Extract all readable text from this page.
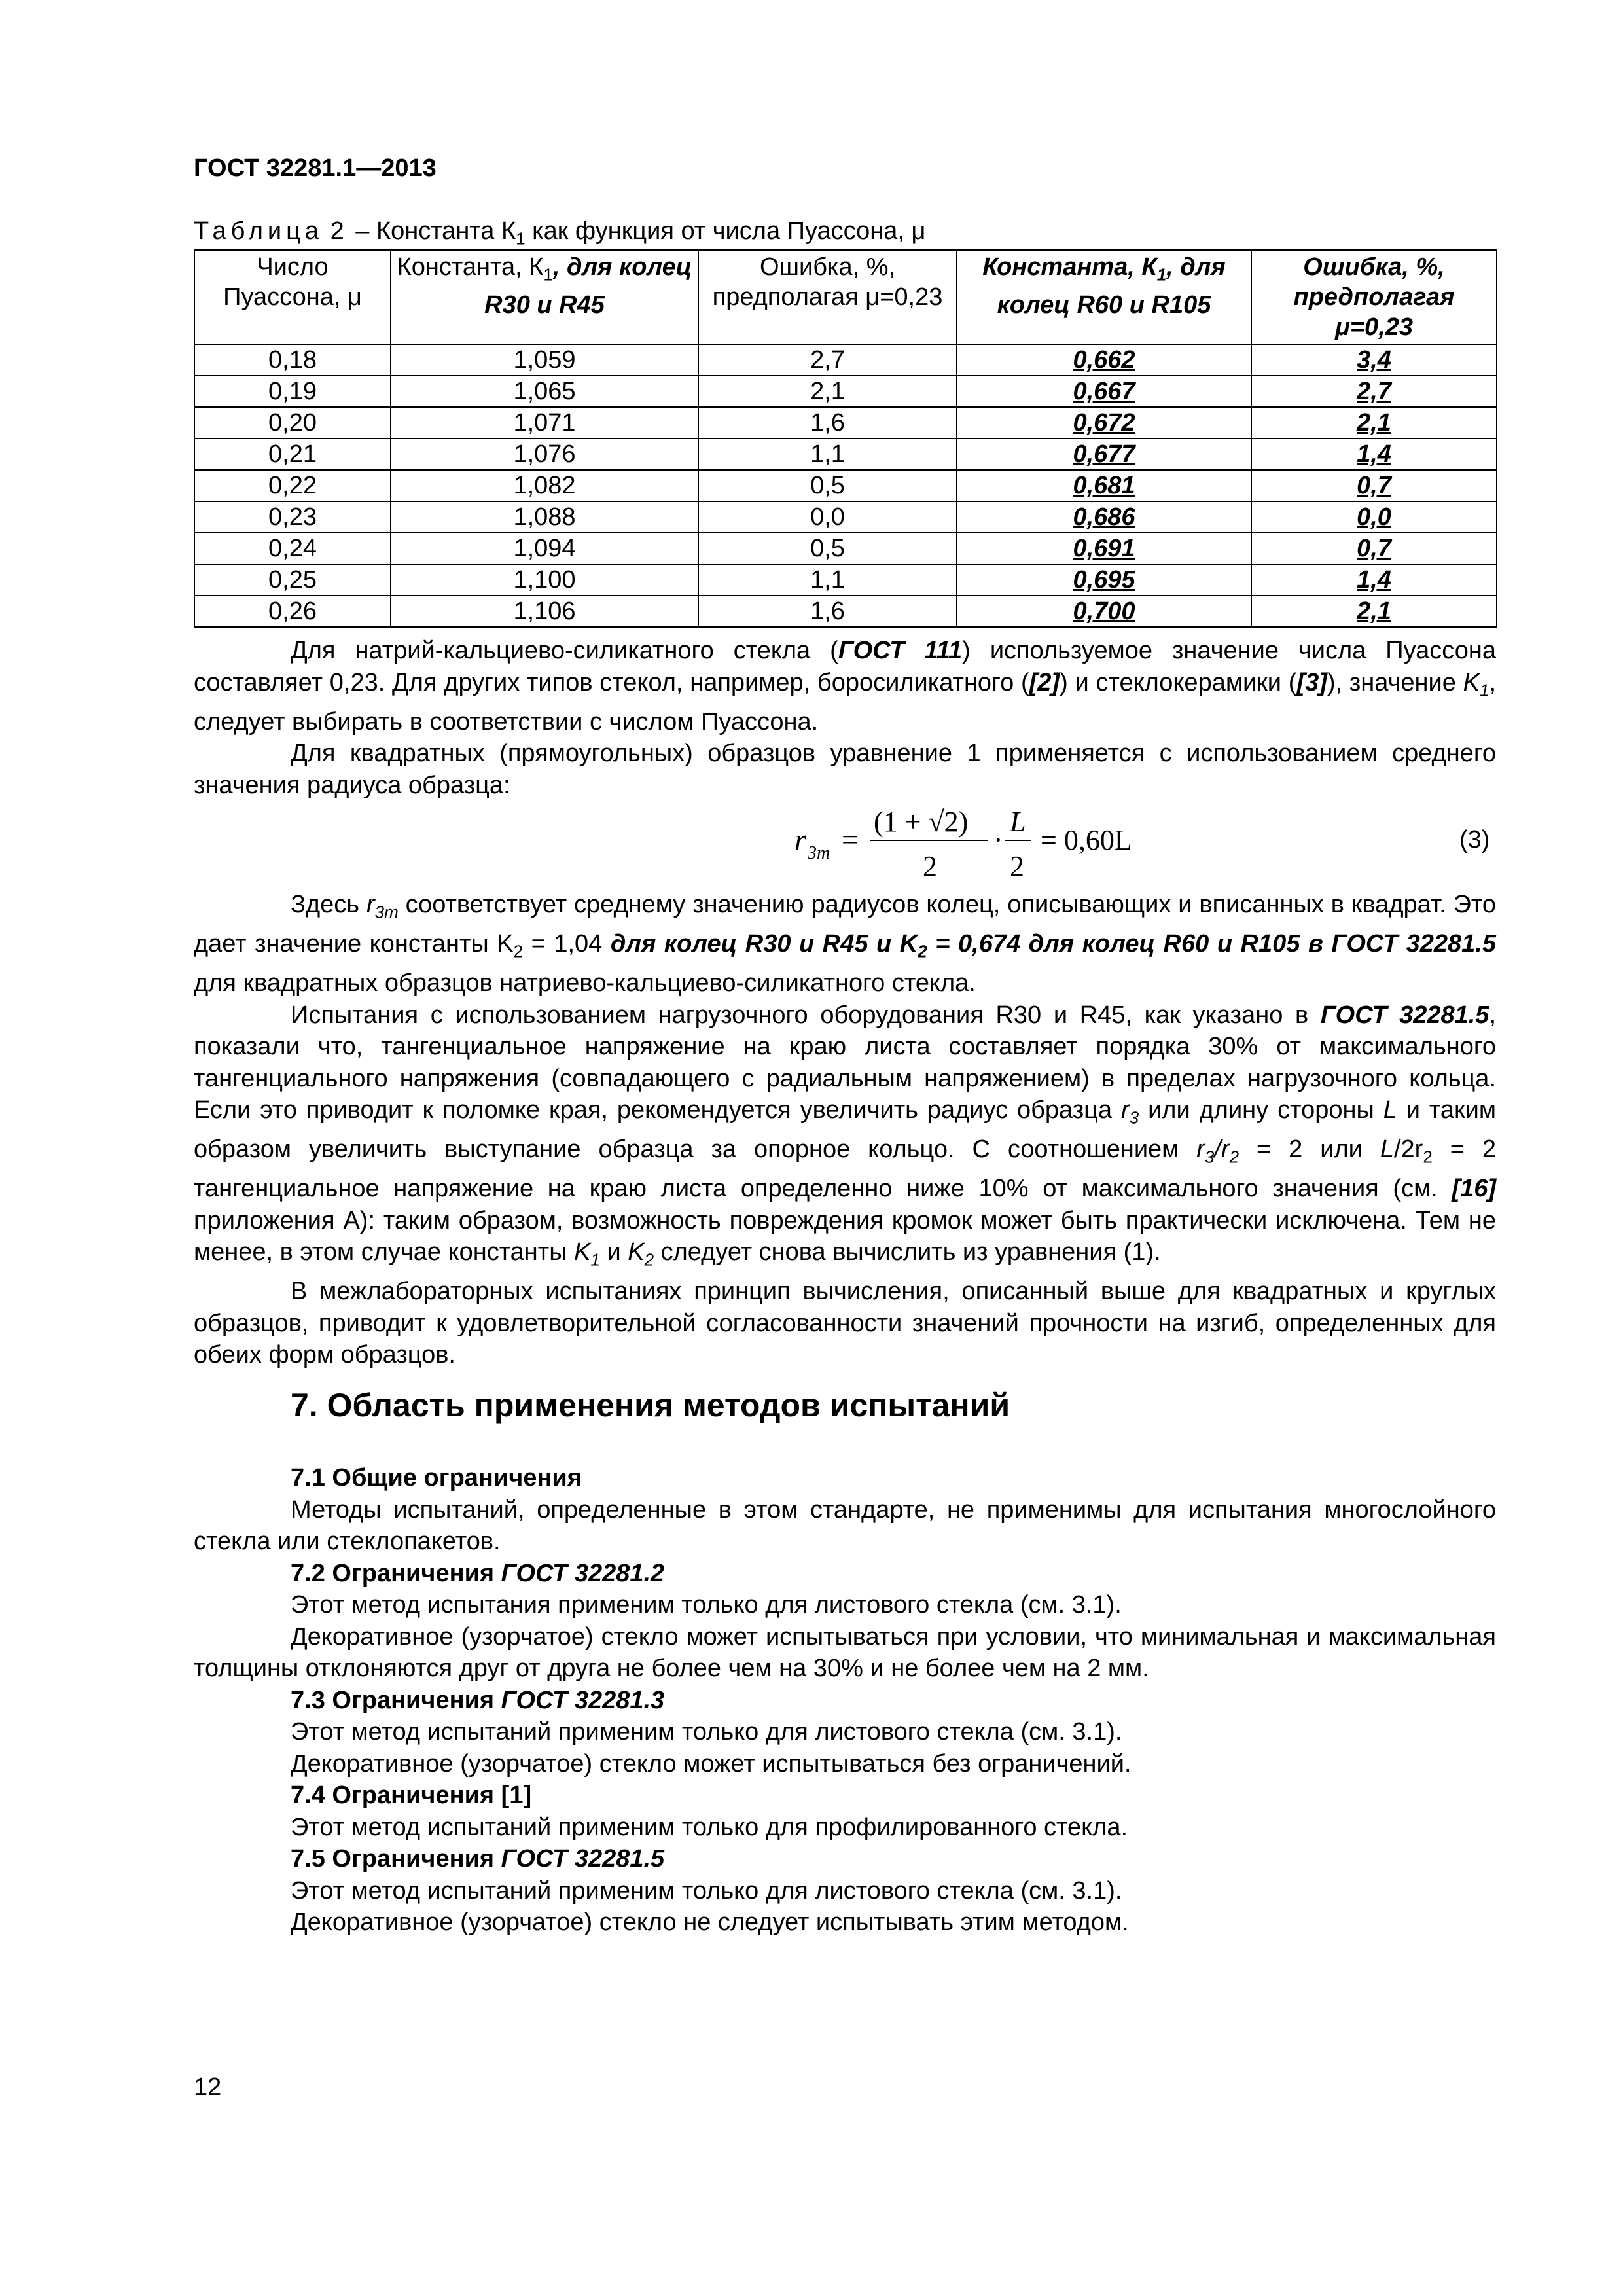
ГОСТ 32281.1—2013
Таблица 2 – Константа $К_1$ как функция от числа Пуассона, μ
Число Пуассона, μ	Константа, $К_1$, для колец R30 и R45	Ошибка, %, предполагая μ=0,23	Константа, $К_1$, для колец R60 и R105	Ошибка, %, предполагая μ=0,23
0,18	1,059	2,7	0,662	3,4
0,19	1,065	2,1	0,667	2,7
0,20	1,071	1,6	0,672	2,1
0,21	1,076	1,1	0,677	1,4
0,22	1,082	0,5	0,681	0,7
0,23	1,088	0,0	0,686	0,0
0,24	1,094	0,5	0,691	0,7
0,25	1,100	1,1	0,695	1,4
0,26	1,106	1,6	0,700	2,1

Для натрий-кальциево-силикатного стекла (ГОСТ 111) используемое значение числа Пуассона составляет 0,23. Для других типов стекол, например, боросиликатного ([2]) и стеклокерамики ([3]), значение $K_1$, следует выбирать в соответствии с числом Пуассона.

Для квадратных (прямоугольных) образцов уравнение 1 применяется с использованием среднего значения радиуса образца:

r 3m =
(1 + √2)
2
·
L
2
= 0,60L	(3)

Здесь $r_{3m}$ соответствует среднему значению радиусов колец, описывающих и вписанных в квадрат. Это дает значение константы $K_2 = 1,04$ для колец R30 и R45 и $K_2 = 0,674$ для колец R60 и R105 в ГОСТ 32281.5 для квадратных образцов натриево-кальциево-силикатного стекла.

Испытания с использованием нагрузочного оборудования R30 и R45, как указано в ГОСТ 32281.5, показали что, тангенциальное напряжение на краю листа составляет порядка 30% от максимального тангенциального напряжения (совпадающего с радиальным напряжением) в пределах нагрузочного кольца. Если это приводит к поломке края, рекомендуется увеличить радиус образца $r_3$ или длину стороны L и таким образом увеличить выступание образца за опорное кольцо. С соотношением $r_3/r_2 = 2$ или $L/2r_2 = 2$ тангенциальное напряжение на краю листа определенно ниже 10% от максимального значения (см. [16] приложения А): таким образом, возможность повреждения кромок может быть практически исключена. Тем не менее, в этом случае константы $K_1$ и $K_2$ следует снова вычислить из уравнения (1).

В межлабораторных испытаниях принцип вычисления, описанный выше для квадратных и круглых образцов, приводит к удовлетворительной согласованности значений прочности на изгиб, определенных для обеих форм образцов.

7. Область применения методов испытаний

7.1 Общие ограничения

Методы испытаний, определенные в этом стандарте, не применимы для испытания многослойного стекла или стеклопакетов.

7.2 Ограничения ГОСТ 32281.2

Этот метод испытания применим только для листового стекла (см. 3.1).

Декоративное (узорчатое) стекло может испытываться при условии, что минимальная и максимальная толщины отклоняются друг от друга не более чем на 30% и не более чем на 2 мм.

7.3 Ограничения ГОСТ 32281.3

Этот метод испытаний применим только для листового стекла (см. 3.1).

Декоративное (узорчатое) стекло может испытываться без ограничений.

7.4 Ограничения [1]

Этот метод испытаний применим только для профилированного стекла.

7.5 Ограничения ГОСТ 32281.5

Этот метод испытаний применим только для листового стекла (см. 3.1).

Декоративное (узорчатое) стекло не следует испытывать этим методом.

12
